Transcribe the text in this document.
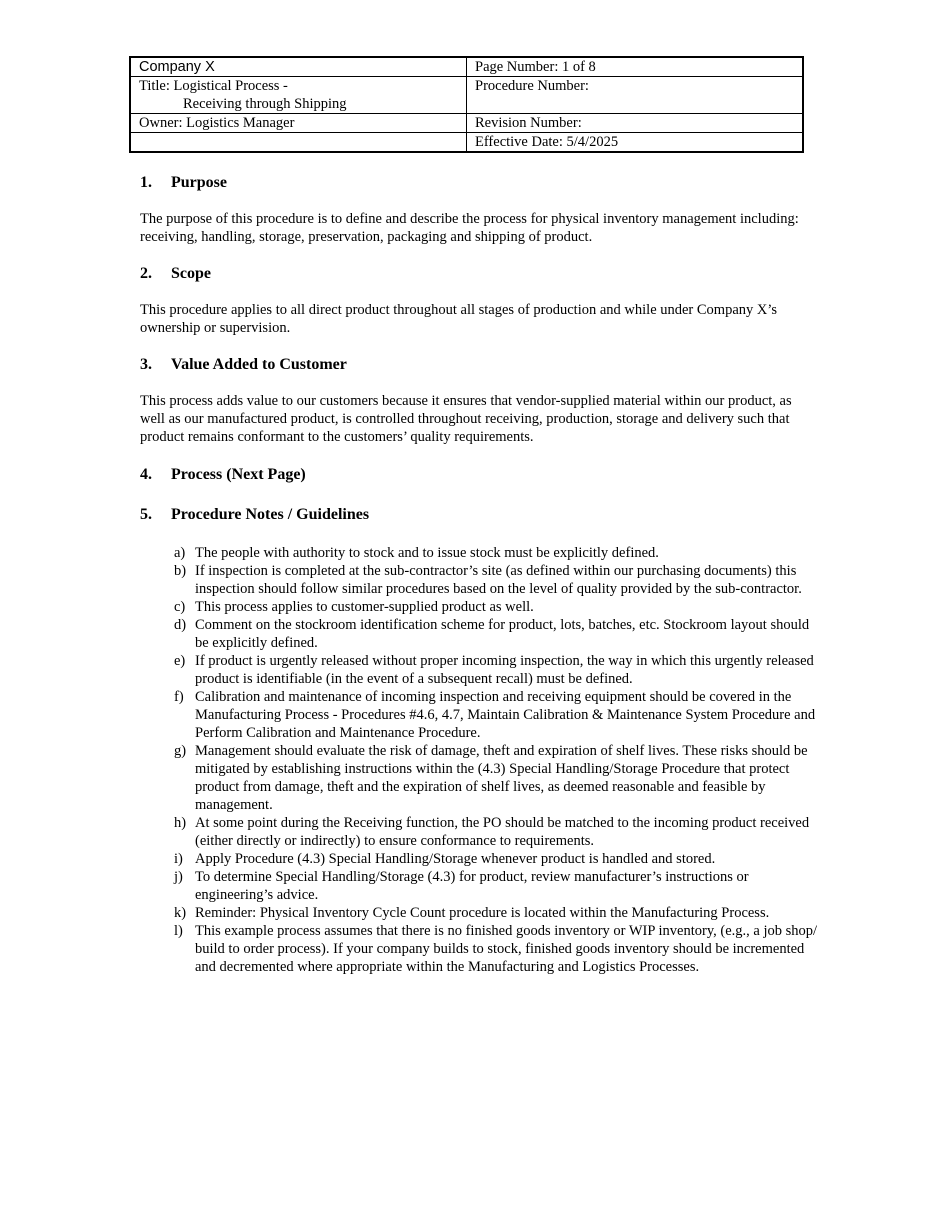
Company X	Page Number: 1 of 8
Title: Logistical Process -
Receiving through Shipping	Procedure Number:
Owner: Logistics Manager	Revision Number:
	Effective Date: 5/4/2025
1. Purpose

The purpose of this procedure is to define and describe the process for physical inventory management including: receiving, handling, storage, preservation, packaging and shipping of product.

2. Scope

This procedure applies to all direct product throughout all stages of production and while under Company X’s ownership or supervision.

3. Value Added to Customer

This process adds value to our customers because it ensures that vendor-supplied material within our product, as well as our manufactured product, is controlled throughout receiving, production, storage and delivery such that product remains conformant to the customers’ quality requirements.

4. Process (Next Page)
5. Procedure Notes / Guidelines
a) The people with authority to stock and to issue stock must be explicitly defined.
b) If inspection is completed at the sub-contractor’s site (as defined within our purchasing documents) this inspection should follow similar procedures based on the level of quality provided by the sub-contractor.
c) This process applies to customer-supplied product as well.
d) Comment on the stockroom identification scheme for product, lots, batches, etc. Stockroom layout should be explicitly defined.
e) If product is urgently released without proper incoming inspection, the way in which this urgently released product is identifiable (in the event of a subsequent recall) must be defined.
f) Calibration and maintenance of incoming inspection and receiving equipment should be covered in the Manufacturing Process - Procedures #4.6, 4.7, Maintain Calibration & Maintenance System Procedure and Perform Calibration and Maintenance Procedure.
g) Management should evaluate the risk of damage, theft and expiration of shelf lives. These risks should be mitigated by establishing instructions within the (4.3) Special Handling/Storage Procedure that protect product from damage, theft and the expiration of shelf lives, as deemed reasonable and feasible by management.
h) At some point during the Receiving function, the PO should be matched to the incoming product received (either directly or indirectly) to ensure conformance to requirements.
i) Apply Procedure (4.3) Special Handling/Storage whenever product is handled and stored.
j) To determine Special Handling/Storage (4.3) for product, review manufacturer’s instructions or engineering’s advice.
k) Reminder: Physical Inventory Cycle Count procedure is located within the Manufacturing Process.
l) This example process assumes that there is no finished goods inventory or WIP inventory, (e.g., a job shop/ build to order process). If your company builds to stock, finished goods inventory should be incremented and decremented where appropriate within the Manufacturing and Logistics Processes.
